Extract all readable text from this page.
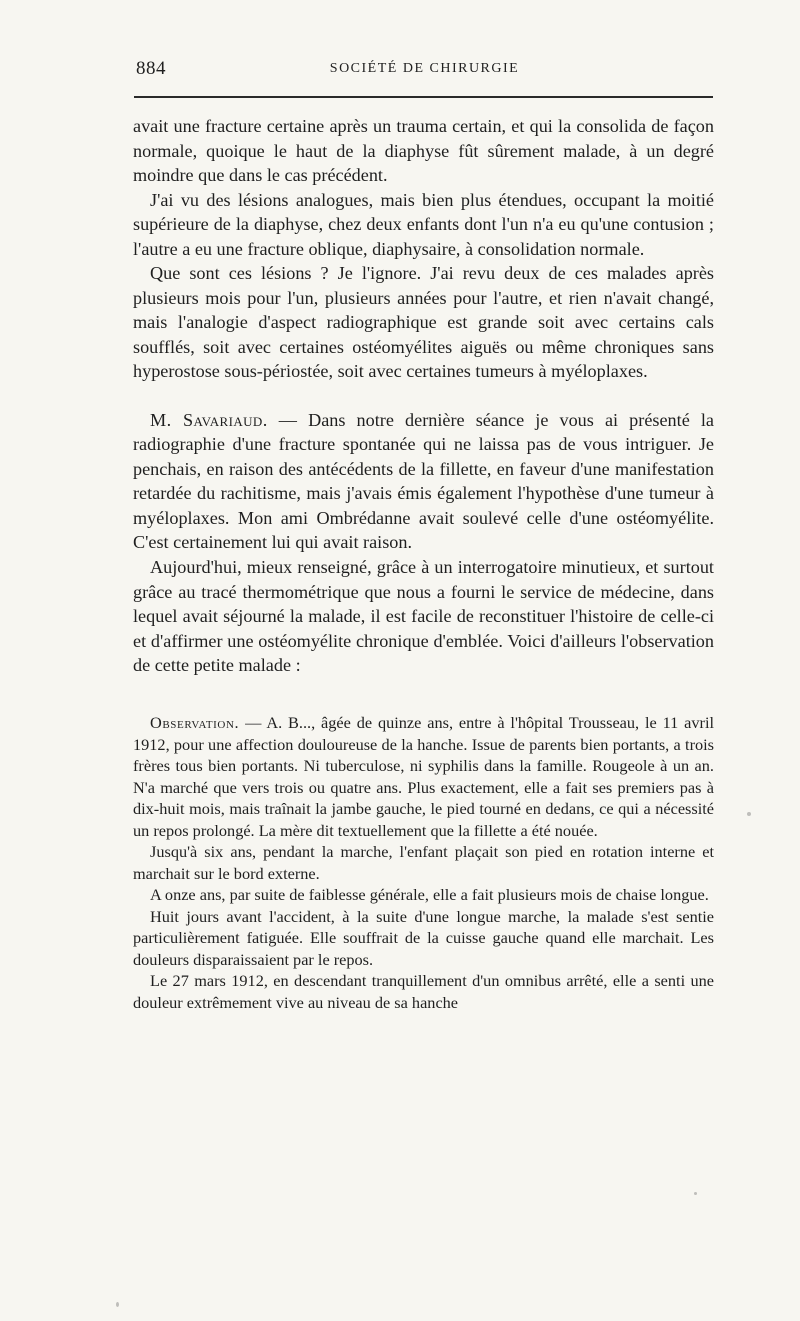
884	SOCIÉTÉ DE CHIRURGIE

avait une fracture certaine après un trauma certain, et qui la consolida de façon normale, quoique le haut de la diaphyse fût sûrement malade, à un degré moindre que dans le cas précédent.

J'ai vu des lésions analogues, mais bien plus étendues, occupant la moitié supérieure de la diaphyse, chez deux enfants dont l'un n'a eu qu'une contusion ; l'autre a eu une fracture oblique, diaphysaire, à consolidation normale.

Que sont ces lésions ? Je l'ignore. J'ai revu deux de ces malades après plusieurs mois pour l'un, plusieurs années pour l'autre, et rien n'avait changé, mais l'analogie d'aspect radiographique est grande soit avec certains cals soufflés, soit avec certaines ostéomyélites aiguës ou même chroniques sans hyperostose sous-périostée, soit avec certaines tumeurs à myéloplaxes.

M. Savariaud. — Dans notre dernière séance je vous ai présenté la radiographie d'une fracture spontanée qui ne laissa pas de vous intriguer. Je penchais, en raison des antécédents de la fillette, en faveur d'une manifestation retardée du rachitisme, mais j'avais émis également l'hypothèse d'une tumeur à myéloplaxes. Mon ami Ombrédanne avait soulevé celle d'une ostéomyélite. C'est certainement lui qui avait raison.

Aujourd'hui, mieux renseigné, grâce à un interrogatoire minutieux, et surtout grâce au tracé thermométrique que nous a fourni le service de médecine, dans lequel avait séjourné la malade, il est facile de reconstituer l'histoire de celle-ci et d'affirmer une ostéomyélite chronique d'emblée. Voici d'ailleurs l'observation de cette petite malade :

Observation. — A. B..., âgée de quinze ans, entre à l'hôpital Trousseau, le 11 avril 1912, pour une affection douloureuse de la hanche. Issue de parents bien portants, a trois frères tous bien portants. Ni tuberculose, ni syphilis dans la famille. Rougeole à un an. N'a marché que vers trois ou quatre ans. Plus exactement, elle a fait ses premiers pas à dix-huit mois, mais traînait la jambe gauche, le pied tourné en dedans, ce qui a nécessité un repos prolongé. La mère dit textuellement que la fillette a été nouée.

Jusqu'à six ans, pendant la marche, l'enfant plaçait son pied en rotation interne et marchait sur le bord externe.

A onze ans, par suite de faiblesse générale, elle a fait plusieurs mois de chaise longue.

Huit jours avant l'accident, à la suite d'une longue marche, la malade s'est sentie particulièrement fatiguée. Elle souffrait de la cuisse gauche quand elle marchait. Les douleurs disparaissaient par le repos.

Le 27 mars 1912, en descendant tranquillement d'un omnibus arrêté, elle a senti une douleur extrêmement vive au niveau de sa hanche
